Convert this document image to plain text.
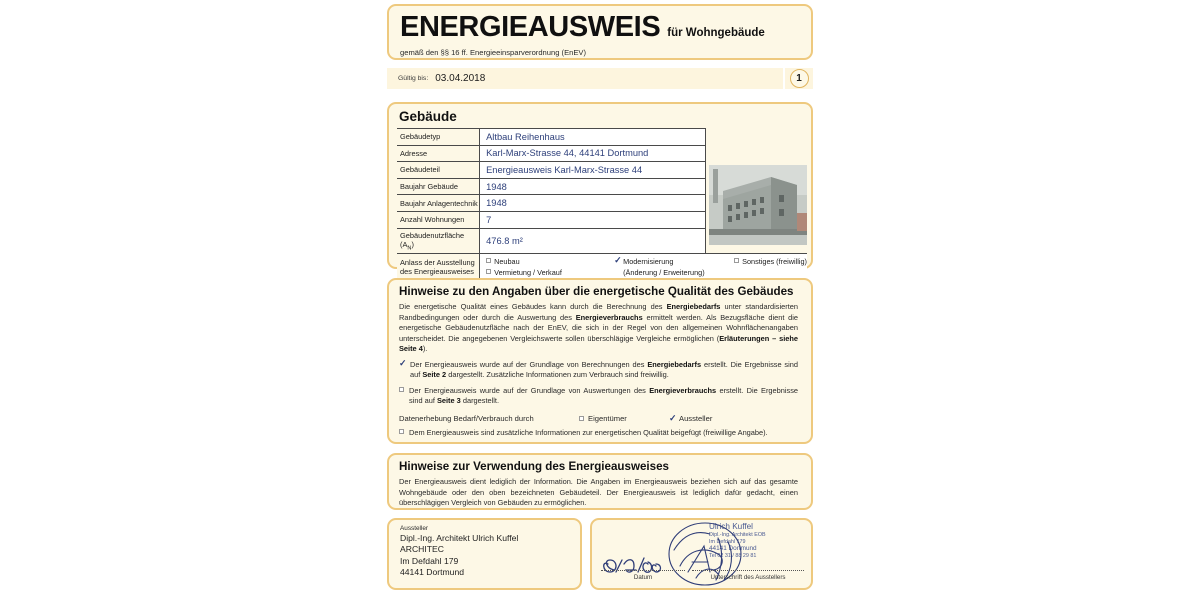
ENERGIEAUSWEIS für Wohngebäude
gemäß den §§ 16 ff. Energieeinsparverordnung (EnEV)
Gültig bis: 03.04.2018	1
Gebäude
Gebäudetyp	Altbau Reihenhaus	

Adresse	Karl-Marx-Strasse 44, 44141 Dortmund	
Gebäudeteil	Energieausweis Karl-Marx-Strasse 44	
Baujahr Gebäude	1948	
Baujahr Anlagentechnik	1948	
Anzahl Wohnungen	7	
Gebäudenutzfläche $(A_N)$	476.8 m²	
Anlass der Ausstellung
des Energieausweises	
Neubau
Vermietung / Verkauf
✓ Modernisierung
(Änderung / Erweiterung)
Sonstiges (freiwillig)
Hinweise zu den Angaben über die energetische Qualität des Gebäudes
Die energetische Qualität eines Gebäudes kann durch die Berechnung des Energiebedarfs unter standardisierten Randbedingungen oder durch die Auswertung des Energieverbrauchs ermittelt werden. Als Bezugsfläche dient die energetische Gebäudenutzfläche nach der EnEV, die sich in der Regel von den allgemeinen Wohnflächenangaben unterscheidet. Die angegebenen Vergleichswerte sollen überschlägige Vergleiche ermöglichen (Erläuterungen – siehe Seite 4).
✓ Der Energieausweis wurde auf der Grundlage von Berechnungen des Energiebedarfs erstellt. Die Ergebnisse sind auf Seite 2 dargestellt. Zusätzliche Informationen zum Verbrauch sind freiwillig.
Der Energieausweis wurde auf der Grundlage von Auswertungen des Energieverbrauchs erstellt. Die Ergebnisse sind auf Seite 3 dargestellt.
Datenerhebung Bedarf/Verbrauch durch	Eigentümer	✓ Aussteller
Dem Energieausweis sind zusätzliche Informationen zur energetischen Qualität beigefügt (freiwillige Angabe).
Hinweise zur Verwendung des Energieausweises
Der Energieausweis dient lediglich der Information. Die Angaben im Energieausweis beziehen sich auf das gesamte Wohngebäude oder den oben bezeichneten Gebäudeteil. Der Energieausweis ist lediglich dafür gedacht, einen überschlägigen Vergleich von Gebäuden zu ermöglichen.
Aussteller
Dipl.-Ing. Architekt Ulrich Kuffel
ARCHITEC
Im Defdahl 179
44141 Dortmund
Ulrich Kuffel
Dipl.-Ing. Architekt EOB
Im Defdahl 179
44141 Dortmund
Tel 02 31 / 88 29 81
Datum	Unterschrift des Ausstellers
